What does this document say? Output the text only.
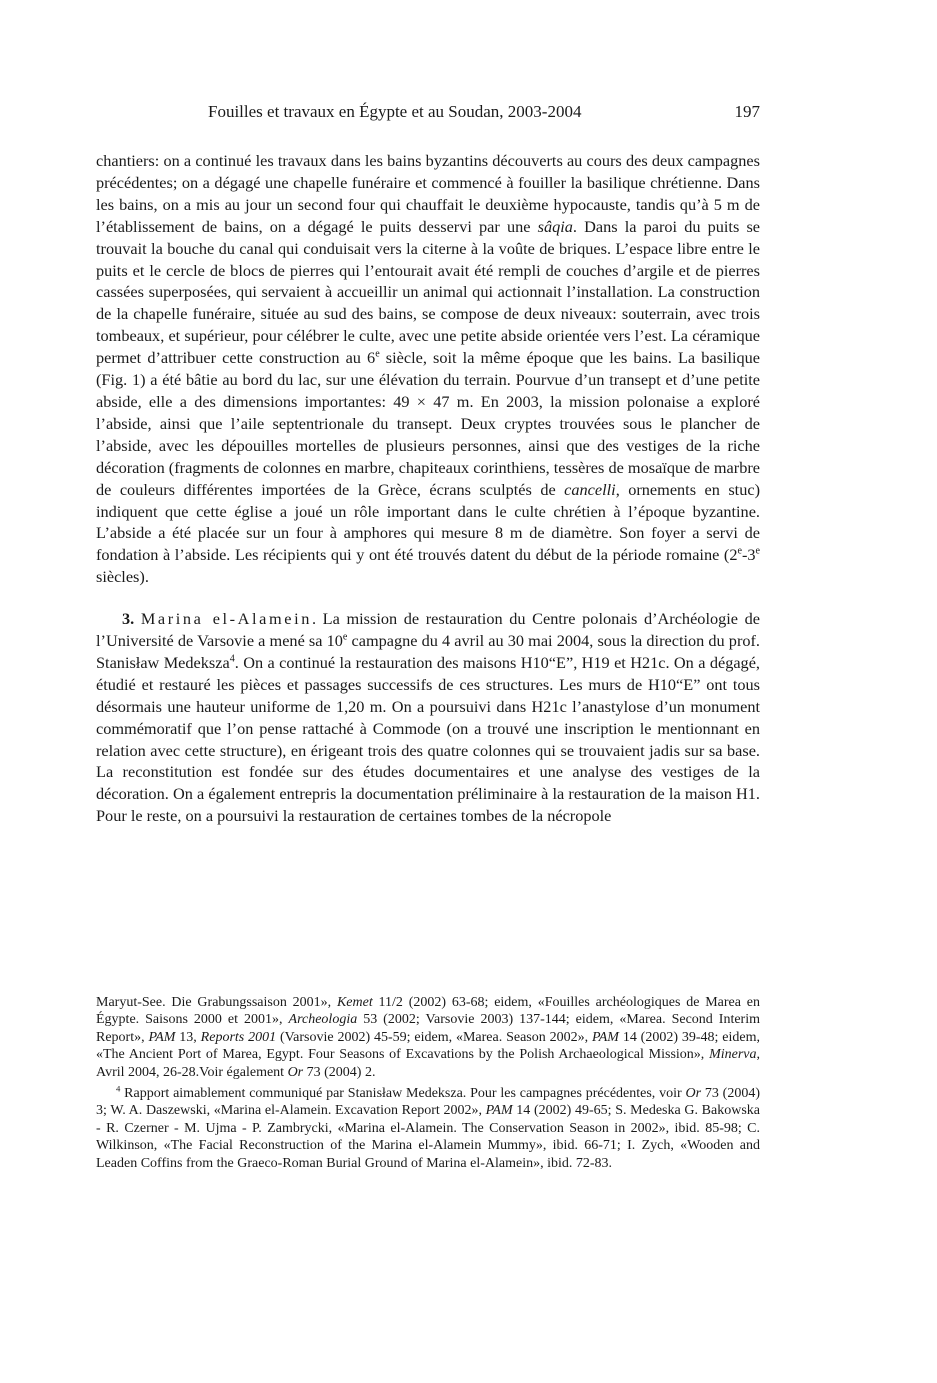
Fouilles et travaux en Égypte et au Soudan, 2003-2004	197

chantiers: on a continué les travaux dans les bains byzantins découverts au cours des deux campagnes précédentes; on a dégagé une chapelle funéraire et commencé à fouiller la basilique chrétienne. Dans les bains, on a mis au jour un second four qui chauffait le deuxième hypocauste, tandis qu’à 5 m de l’établissement de bains, on a dégagé le puits desservi par une sâqia. Dans la paroi du puits se trouvait la bouche du canal qui conduisait vers la citerne à la voûte de briques. L’espace libre entre le puits et le cercle de blocs de pierres qui l’entourait avait été rempli de couches d’argile et de pierres cassées superposées, qui servaient à accueillir un animal qui actionnait l’installation. La construction de la chapelle funéraire, située au sud des bains, se compose de deux niveaux: souterrain, avec trois tombeaux, et supérieur, pour célébrer le culte, avec une petite abside orientée vers l’est. La céramique permet d’attribuer cette construction au 6e siècle, soit la même époque que les bains. La basilique (Fig. 1) a été bâtie au bord du lac, sur une élévation du terrain. Pourvue d’un transept et d’une petite abside, elle a des dimensions importantes: 49 × 47 m. En 2003, la mission polonaise a exploré l’abside, ainsi que l’aile septentrionale du transept. Deux cryptes trouvées sous le plancher de l’abside, avec les dépouilles mortelles de plusieurs personnes, ainsi que des vestiges de la riche décoration (fragments de colonnes en marbre, chapiteaux corinthiens, tessères de mosaïque de marbre de couleurs différentes importées de la Grèce, écrans sculptés de cancelli, ornements en stuc) indiquent que cette église a joué un rôle important dans le culte chrétien à l’époque byzantine. L’abside a été placée sur un four à amphores qui mesure 8 m de diamètre. Son foyer a servi de fondation à l’abside. Les récipients qui y ont été trouvés datent du début de la période romaine (2e-3e siècles).

3. Marina el-Alamein. La mission de restauration du Centre polonais d’Archéologie de l’Université de Varsovie a mené sa 10e campagne du 4 avril au 30 mai 2004, sous la direction du prof. Stanisław Medeksza$^4$. On a continué la restauration des maisons H10“E”, H19 et H21c. On a dégagé, étudié et restauré les pièces et passages successifs de ces structures. Les murs de H10“E” ont tous désormais une hauteur uniforme de 1,20 m. On a poursuivi dans H21c l’anastylose d’un monument commémoratif que l’on pense rattaché à Commode (on a trouvé une inscription le mentionnant en relation avec cette structure), en érigeant trois des quatre colonnes qui se trouvaient jadis sur sa base. La reconstitution est fondée sur des études documentaires et une analyse des vestiges de la décoration. On a également entrepris la documentation préliminaire à la restauration de la maison H1. Pour le reste, on a poursuivi la restauration de certaines tombes de la nécropole

Maryut-See. Die Grabungssaison 2001», Kemet 11/2 (2002) 63-68; eidem, «Fouilles archéologiques de Marea en Égypte. Saisons 2000 et 2001», Archeologia 53 (2002; Varsovie 2003) 137-144; eidem, «Marea. Second Interim Report», PAM 13, Reports 2001 (Varsovie 2002) 45-59; eidem, «Marea. Season 2002», PAM 14 (2002) 39-48; eidem, «The Ancient Port of Marea, Egypt. Four Seasons of Excavations by the Polish Archaeological Mission», Minerva, Avril 2004, 26-28.Voir également Or 73 (2004) 2.

$^4$ Rapport aimablement communiqué par Stanisław Medeksza. Pour les campagnes précédentes, voir Or 73 (2004) 3; W. A. Daszewski, «Marina el-Alamein. Excavation Report 2002», PAM 14 (2002) 49-65; S. Medeska G. Bakowska - R. Czerner - M. Ujma - P. Zambrycki, «Marina el-Alamein. The Conservation Season in 2002», ibid. 85-98; C. Wilkinson, «The Facial Reconstruction of the Marina el-Alamein Mummy», ibid. 66-71; I. Zych, «Wooden and Leaden Coffins from the Graeco-Roman Burial Ground of Marina el-Alamein», ibid. 72-83.
